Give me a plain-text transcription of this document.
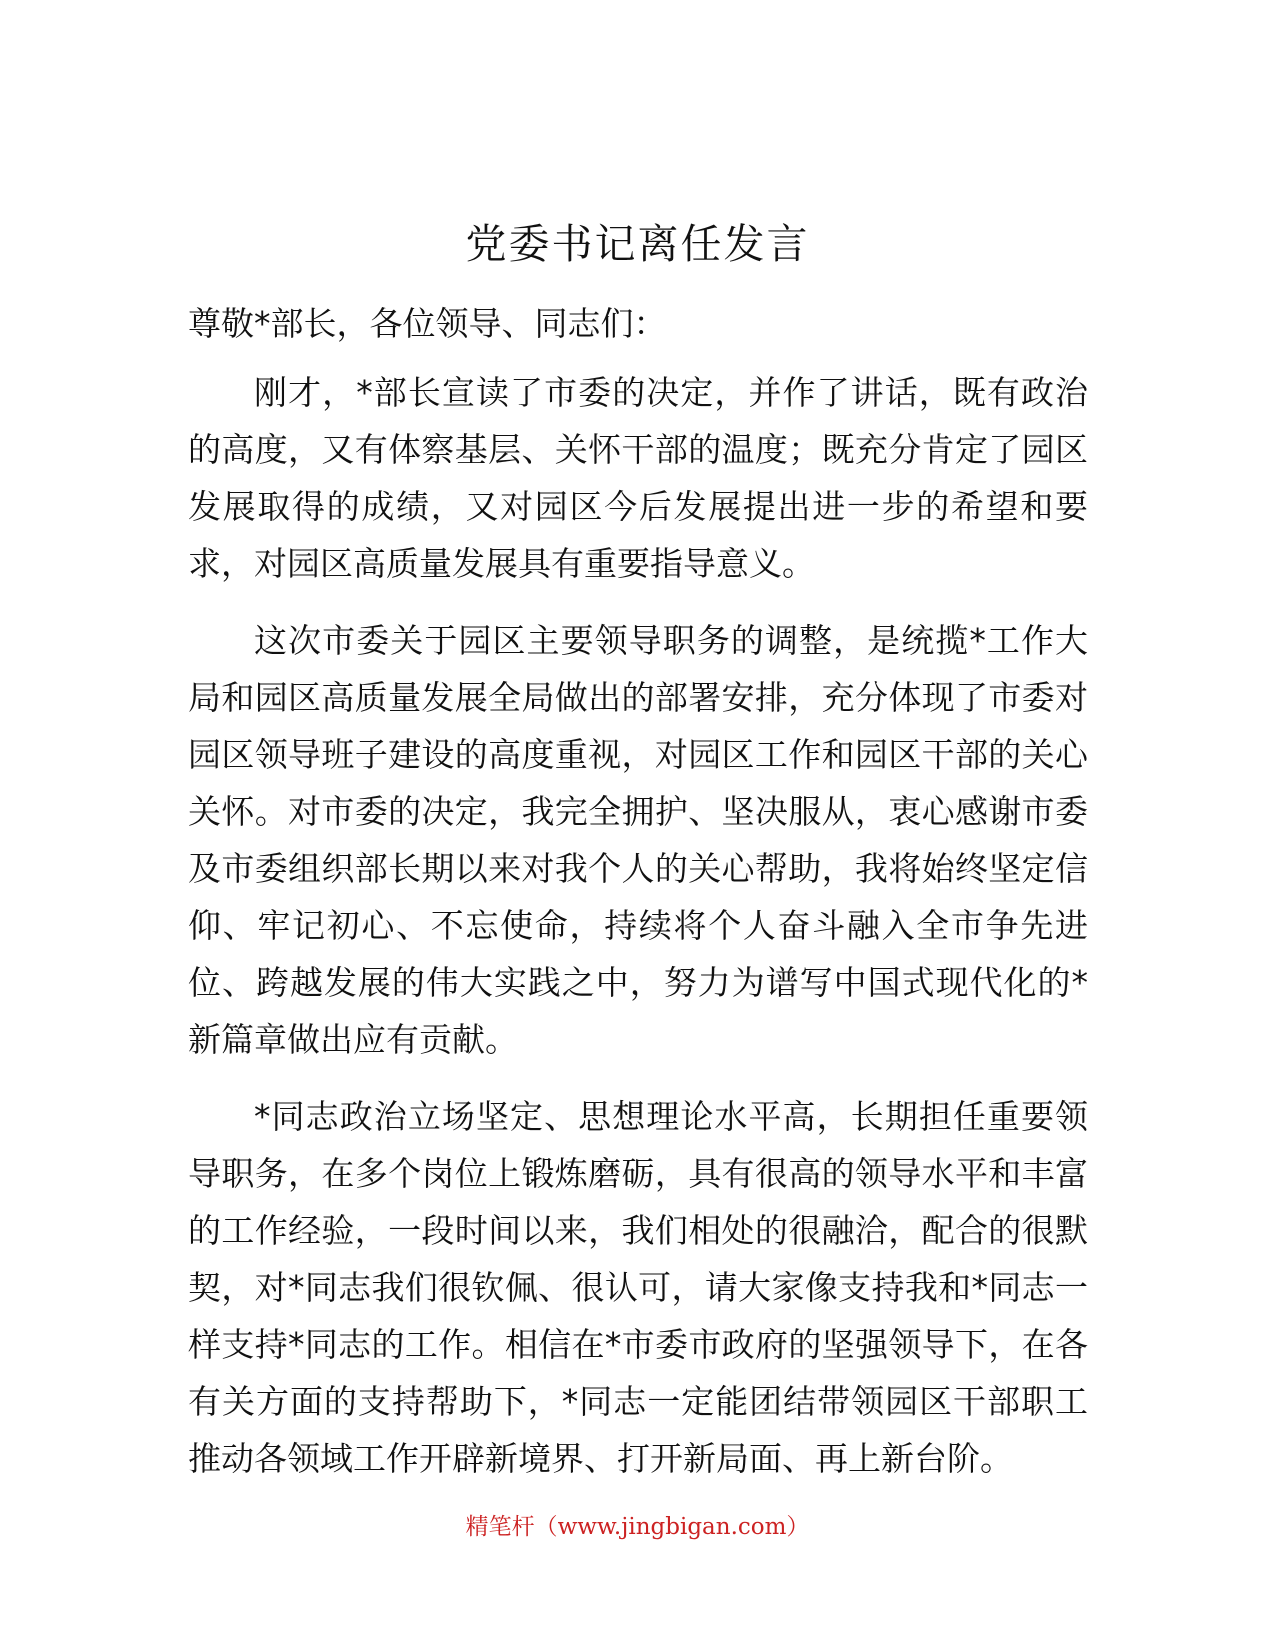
党委书记离任发言

尊敬*部长，各位领导、同志们：

刚才，*部长宣读了市委的决定，并作了讲话，既有政治的高度，又有体察基层、关怀干部的温度；既充分肯定了园区发展取得的成绩，又对园区今后发展提出进一步的希望和要求，对园区高质量发展具有重要指导意义。

这次市委关于园区主要领导职务的调整，是统揽*工作大局和园区高质量发展全局做出的部署安排，充分体现了市委对园区领导班子建设的高度重视，对园区工作和园区干部的关心关怀。对市委的决定，我完全拥护、坚决服从，衷心感谢市委及市委组织部长期以来对我个人的关心帮助，我将始终坚定信仰、牢记初心、不忘使命，持续将个人奋斗融入全市争先进位、跨越发展的伟大实践之中，努力为谱写中国式现代化的*新篇章做出应有贡献。

*同志政治立场坚定、思想理论水平高，长期担任重要领导职务，在多个岗位上锻炼磨砺，具有很高的领导水平和丰富的工作经验，一段时间以来，我们相处的很融洽，配合的很默契，对*同志我们很钦佩、很认可，请大家像支持我和*同志一样支持*同志的工作。相信在*市委市政府的坚强领导下，在各有关方面的支持帮助下，*同志一定能团结带领园区干部职工推动各领域工作开辟新境界、打开新局面、再上新台阶。

精笔杆（www.jingbigan.com）
